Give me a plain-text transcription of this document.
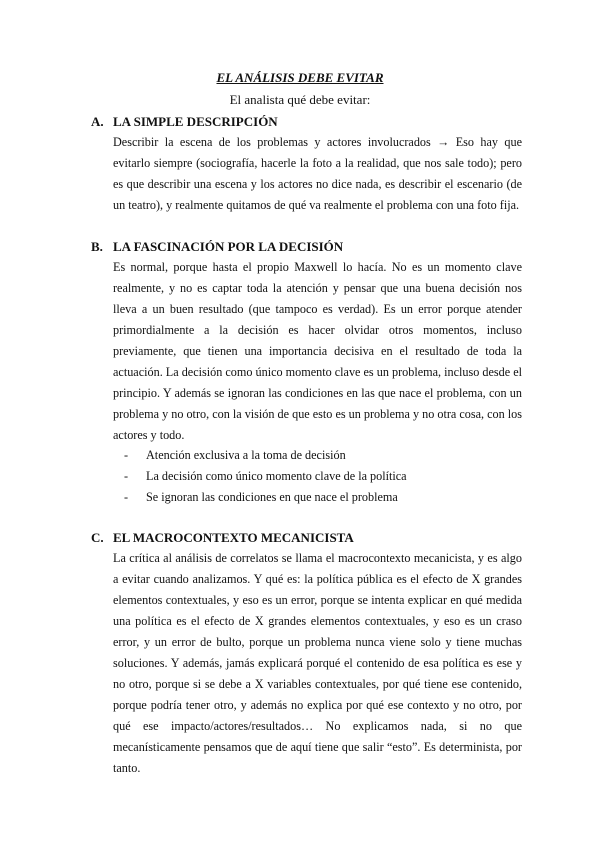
EL ANÁLISIS DEBE EVITAR
El analista qué debe evitar:
A. LA SIMPLE DESCRIPCIÓN

Describir la escena de los problemas y actores involucrados → Eso hay que evitarlo siempre (sociografía, hacerle la foto a la realidad, que nos sale todo); pero es que describir una escena y los actores no dice nada, es describir el escenario (de un teatro), y realmente quitamos de qué va realmente el problema con una foto fija.

B. LA FASCINACIÓN POR LA DECISIÓN

Es normal, porque hasta el propio Maxwell lo hacía. No es un momento clave realmente, y no es captar toda la atención y pensar que una buena decisión nos lleva a un buen resultado (que tampoco es verdad). Es un error porque atender primordialmente a la decisión es hacer olvidar otros momentos, incluso previamente, que tienen una importancia decisiva en el resultado de toda la actuación. La decisión como único momento clave es un problema, incluso desde el principio. Y además se ignoran las condiciones en las que nace el problema, con un problema y no otro, con la visión de que esto es un problema y no otra cosa, con los actores y todo.

- Atención exclusiva a la toma de decisión
- La decisión como único momento clave de la política
- Se ignoran las condiciones en que nace el problema
C. EL MACROCONTEXTO MECANICISTA

La crítica al análisis de correlatos se llama el macrocontexto mecanicista, y es algo a evitar cuando analizamos. Y qué es: la política pública es el efecto de X grandes elementos contextuales, y eso es un error, porque se intenta explicar en qué medida una política es el efecto de X grandes elementos contextuales, y eso es un craso error, y un error de bulto, porque un problema nunca viene solo y tiene muchas soluciones. Y además, jamás explicará porqué el contenido de esa política es ese y no otro, porque si se debe a X variables contextuales, por qué tiene ese contenido, porque podría tener otro, y además no explica por qué ese contexto y no otro, por qué ese impacto/actores/resultados… No explicamos nada, si no que mecanísticamente pensamos que de aquí tiene que salir “esto”. Es determinista, por tanto.
